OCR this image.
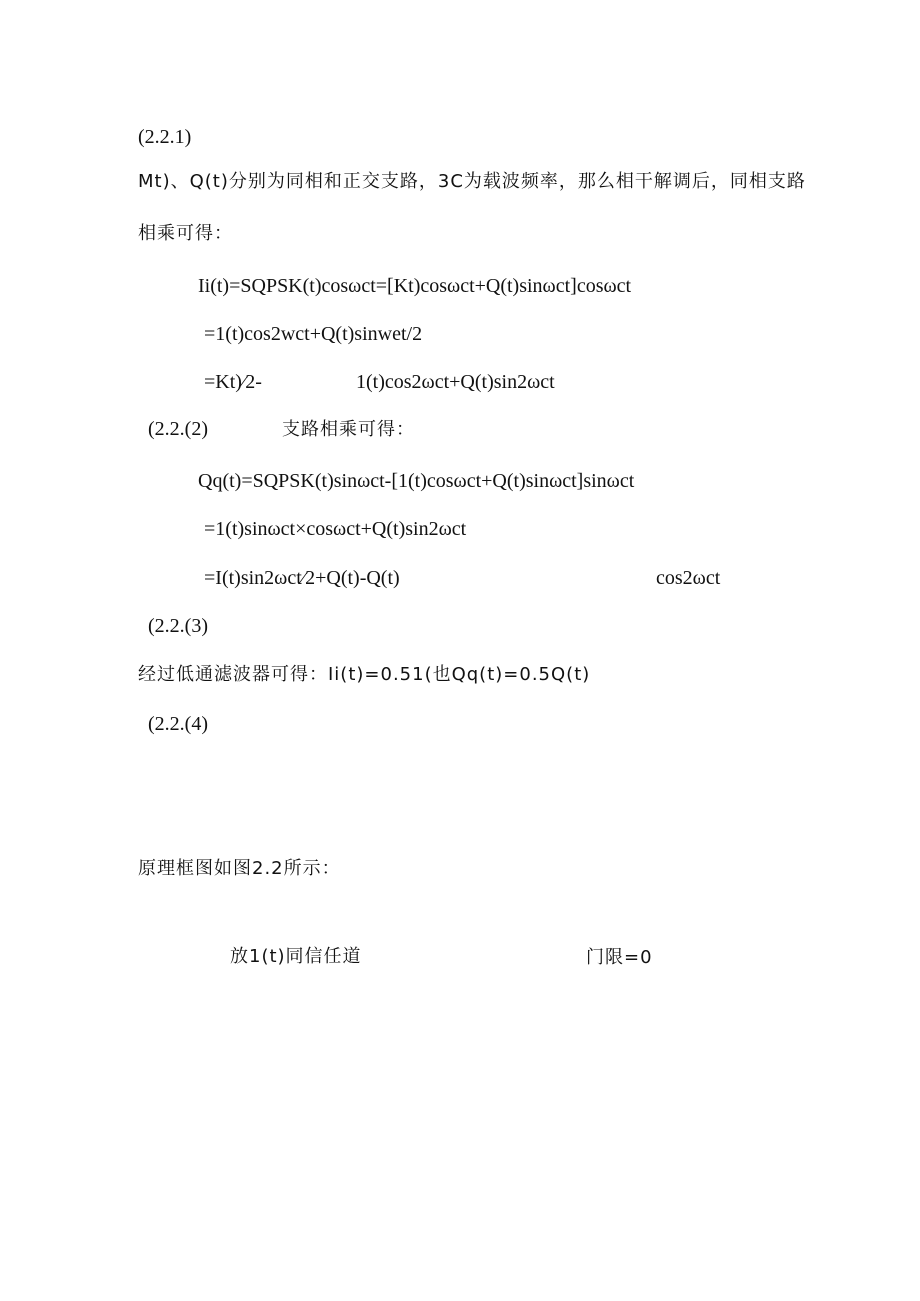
(2.2.1)
Mt)、Q(t)分别为同相和正交支路，3C为载波频率，那么相干解调后，同相支路
相乘可得：
Ii(t)=SQPSK(t)cosωct=[Kt)cosωct+Q(t)sinωct]cosωct
=1(t)cos2wct+Q(t)sinwet/2
=Kt)⁄2-	1(t)cos2ωct+Q(t)sin2ωct
(2.2.(2)	支路相乘可得：
Qq(t)=SQPSK(t)sinωct-[1(t)cosωct+Q(t)sinωct]sinωct
=1(t)sinωct×cosωct+Q(t)sin2ωct
=I(t)sin2ωct⁄2+Q(t)-Q(t)	cos2ωct
(2.2.(3)
经过低通滤波器可得：Ii(t)=0.51(也Qq(t)=0.5Q(t)
(2.2.(4)
原理框图如图2.2所示：
放1(t)同信任道	门限=0
